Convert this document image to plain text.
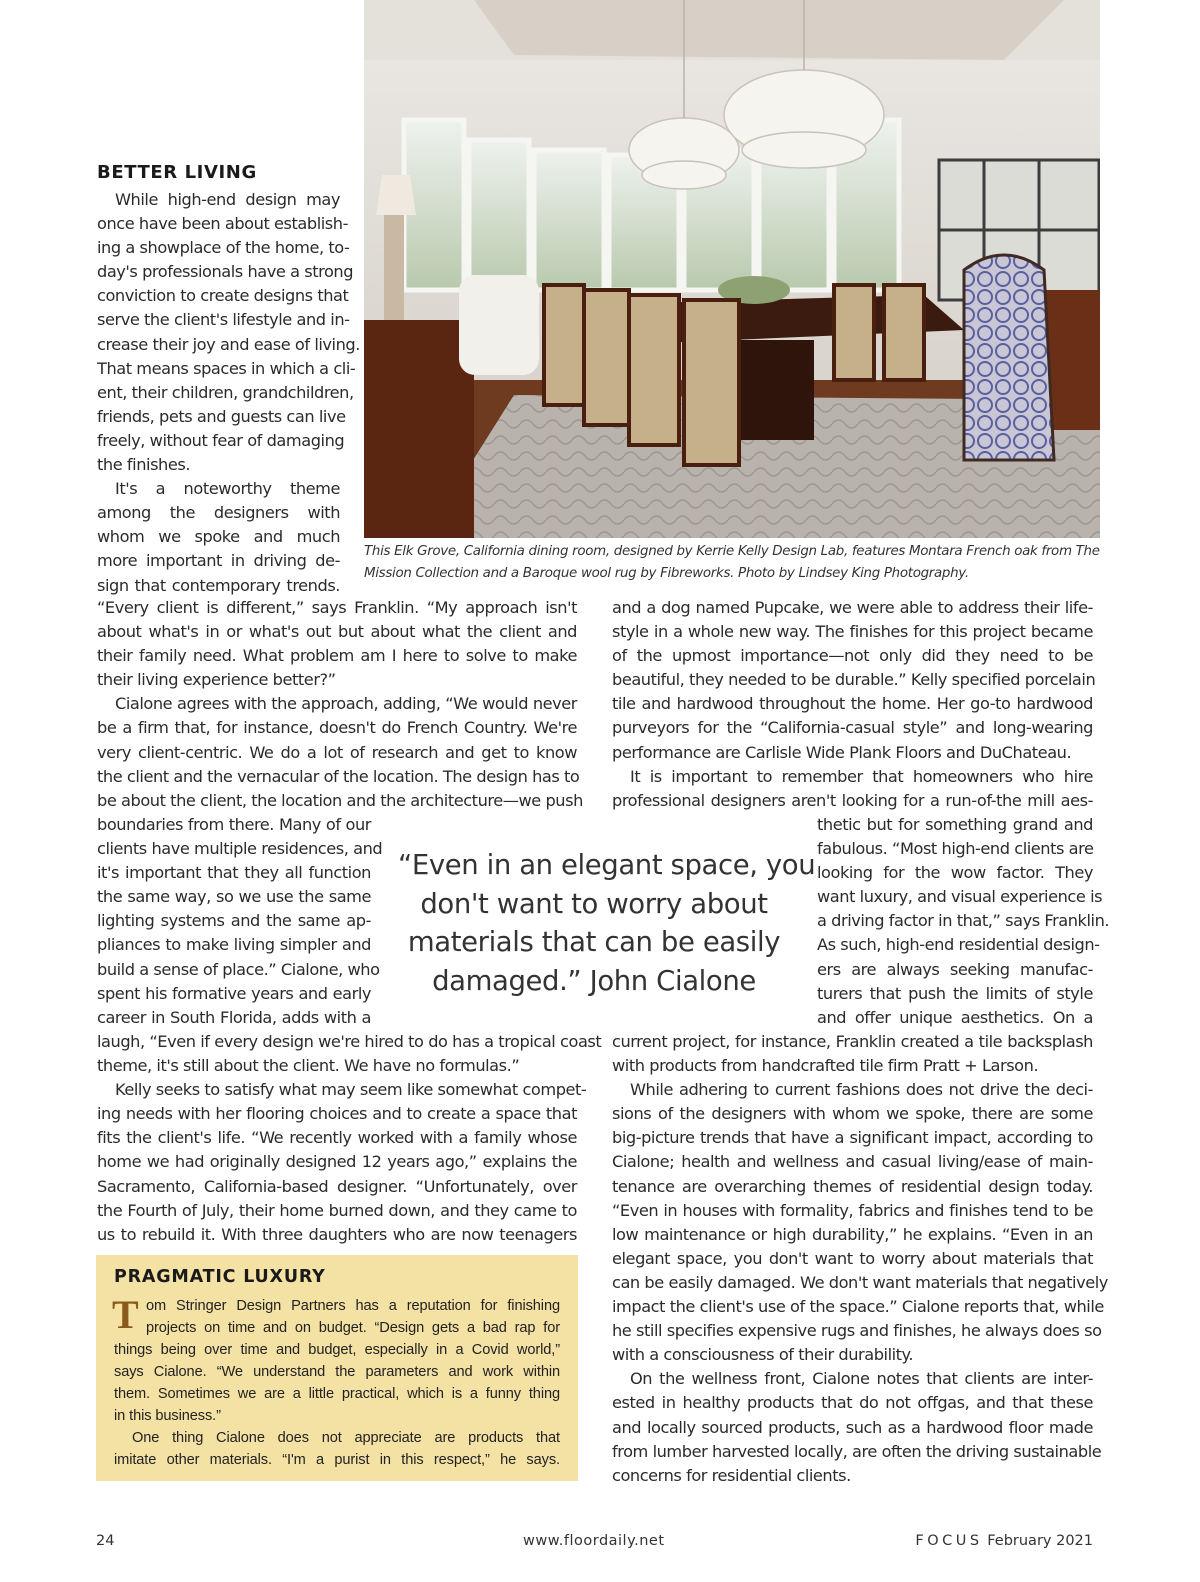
This Elk Grove, California dining room, designed by Kerrie Kelly Design Lab, features Montara French oak from The
Mission Collection and a Baroque wool rug by Fibreworks. Photo by Lindsey King Photography.
BETTER LIVING
While high-end design may
once have been about establish-
ing a showplace of the home, to-
day's professionals have a strong
conviction to create designs that
serve the client's lifestyle and in-
crease their joy and ease of living.
That means spaces in which a cli-
ent, their children, grandchildren,
friends, pets and guests can live
freely, without fear of damaging
the finishes.
It's a noteworthy theme
among the designers with
whom we spoke and much
more important in driving de-
sign that contemporary trends.
“Every client is different,” says Franklin. “My approach isn't
about what's in or what's out but about what the client and
their family need. What problem am I here to solve to make
their living experience better?”
Cialone agrees with the approach, adding, “We would never
be a firm that, for instance, doesn't do French Country. We're
very client-centric. We do a lot of research and get to know
the client and the vernacular of the location. The design has to
be about the client, the location and the architecture—we push
boundaries from there. Many of our
clients have multiple residences, and
it's important that they all function
the same way, so we use the same
lighting systems and the same ap-
pliances to make living simpler and
build a sense of place.” Cialone, who
spent his formative years and early
career in South Florida, adds with a
laugh, “Even if every design we're hired to do has a tropical coast
theme, it's still about the client. We have no formulas.”
Kelly seeks to satisfy what may seem like somewhat compet-
ing needs with her flooring choices and to create a space that
fits the client's life. “We recently worked with a family whose
home we had originally designed 12 years ago,” explains the
Sacramento, California-based designer. “Unfortunately, over
the Fourth of July, their home burned down, and they came to
us to rebuild it. With three daughters who are now teenagers
and a dog named Pupcake, we were able to address their life-
style in a whole new way. The finishes for this project became
of the upmost importance—not only did they need to be
beautiful, they needed to be durable.” Kelly specified porcelain
tile and hardwood throughout the home. Her go-to hardwood
purveyors for the “California-casual style” and long-wearing
performance are Carlisle Wide Plank Floors and DuChateau.
It is important to remember that homeowners who hire
professional designers aren't looking for a run-of-the mill aes-
thetic but for something grand and
fabulous. “Most high-end clients are
looking for the wow factor. They
want luxury, and visual experience is
a driving factor in that,” says Franklin.
As such, high-end residential design-
ers are always seeking manufac-
turers that push the limits of style
and offer unique aesthetics. On a
current project, for instance, Franklin created a tile backsplash
with products from handcrafted tile firm Pratt + Larson.
While adhering to current fashions does not drive the deci-
sions of the designers with whom we spoke, there are some
big-picture trends that have a significant impact, according to
Cialone; health and wellness and casual living/ease of main-
tenance are overarching themes of residential design today.
“Even in houses with formality, fabrics and finishes tend to be
low maintenance or high durability,” he explains. “Even in an
elegant space, you don't want to worry about materials that
can be easily damaged. We don't want materials that negatively
impact the client's use of the space.” Cialone reports that, while
he still specifies expensive rugs and finishes, he always does so
with a consciousness of their durability.
On the wellness front, Cialone notes that clients are inter-
ested in healthy products that do not offgas, and that these
and locally sourced products, such as a hardwood floor made
from lumber harvested locally, are often the driving sustainable
concerns for residential clients.
“Even in an elegant space, you
don't want to worry about
materials that can be easily
damaged.” John Cialone
PRAGMATIC LUXURY
T om Stringer Design Partners has a reputation for finishing
projects on time and on budget. “Design gets a bad rap for
things being over time and budget, especially in a Covid world,”
says Cialone. “We understand the parameters and work within
them. Sometimes we are a little practical, which is a funny thing
in this business.”
One thing Cialone does not appreciate are products that
imitate other materials. “I'm a purist in this respect,” he says.
24	www.floordaily.net	FOCUS February 2021
